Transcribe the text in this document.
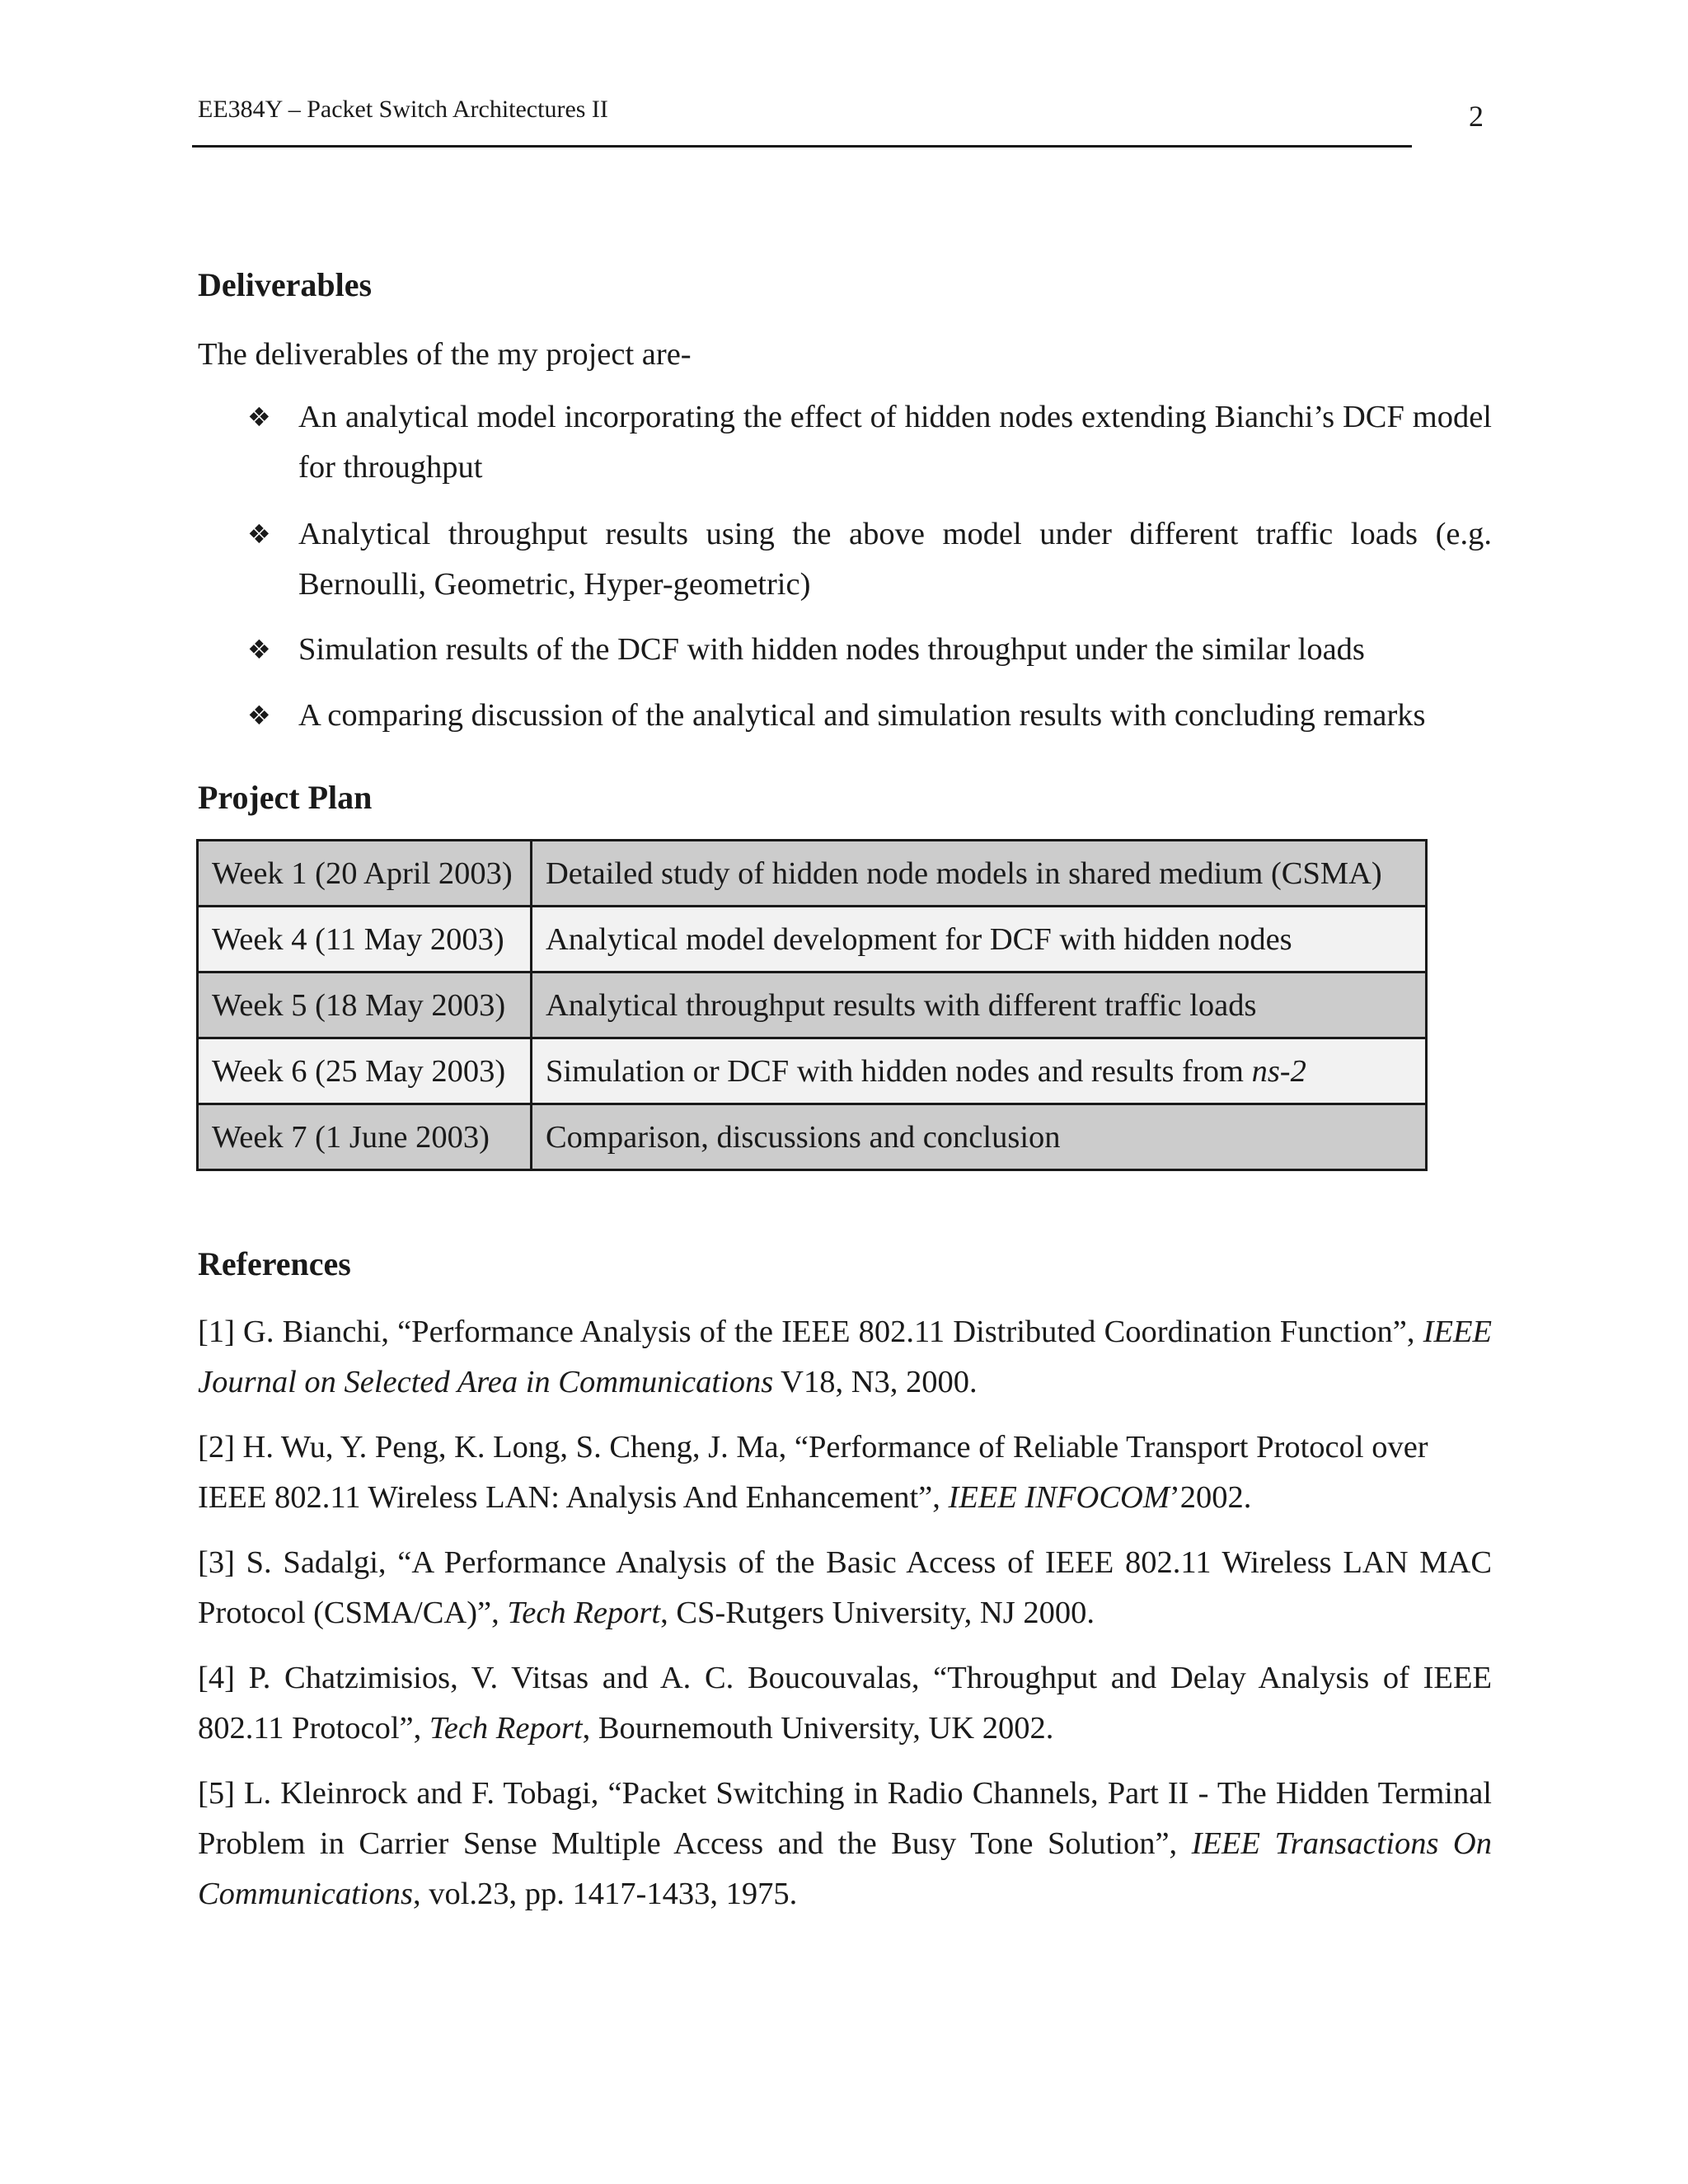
EE384Y – Packet Switch Architectures II	2
Deliverables
The deliverables of the my project are-
❖ An analytical model incorporating the effect of hidden nodes extending Bianchi’s DCF model for throughput
❖ Analytical throughput results using the above model under different traffic loads (e.g. Bernoulli, Geometric, Hyper-geometric)
❖ Simulation results of the DCF with hidden nodes throughput under the similar loads
❖ A comparing discussion of the analytical and simulation results with concluding remarks
Project Plan
Week 1 (20 April 2003)	Detailed study of hidden node models in shared medium (CSMA)
Week 4 (11 May 2003)	Analytical model development for DCF with hidden nodes
Week 5 (18 May 2003)	Analytical throughput results with different traffic loads
Week 6 (25 May 2003)	Simulation or DCF with hidden nodes and results from ns-2
Week 7 (1 June 2003)	Comparison, discussions and conclusion
References
[1] G. Bianchi, “Performance Analysis of the IEEE 802.11 Distributed Coordination Function”, IEEE Journal on Selected Area in Communications V18, N3, 2000.
[2] H. Wu, Y. Peng, K. Long, S. Cheng, J. Ma, “Performance of Reliable Transport Protocol over IEEE 802.11 Wireless LAN: Analysis And Enhancement”, IEEE INFOCOM’2002.
[3] S. Sadalgi, “A Performance Analysis of the Basic Access of IEEE 802.11 Wireless LAN MAC Protocol (CSMA/CA)”, Tech Report, CS-Rutgers University, NJ 2000.
[4] P. Chatzimisios, V. Vitsas and A. C. Boucouvalas, “Throughput and Delay Analysis of IEEE 802.11 Protocol”, Tech Report, Bournemouth University, UK 2002.
[5] L. Kleinrock and F. Tobagi, “Packet Switching in Radio Channels, Part II - The Hidden Terminal Problem in Carrier Sense Multiple Access and the Busy Tone Solution”, IEEE Transactions On Communications, vol.23, pp. 1417-1433, 1975.
